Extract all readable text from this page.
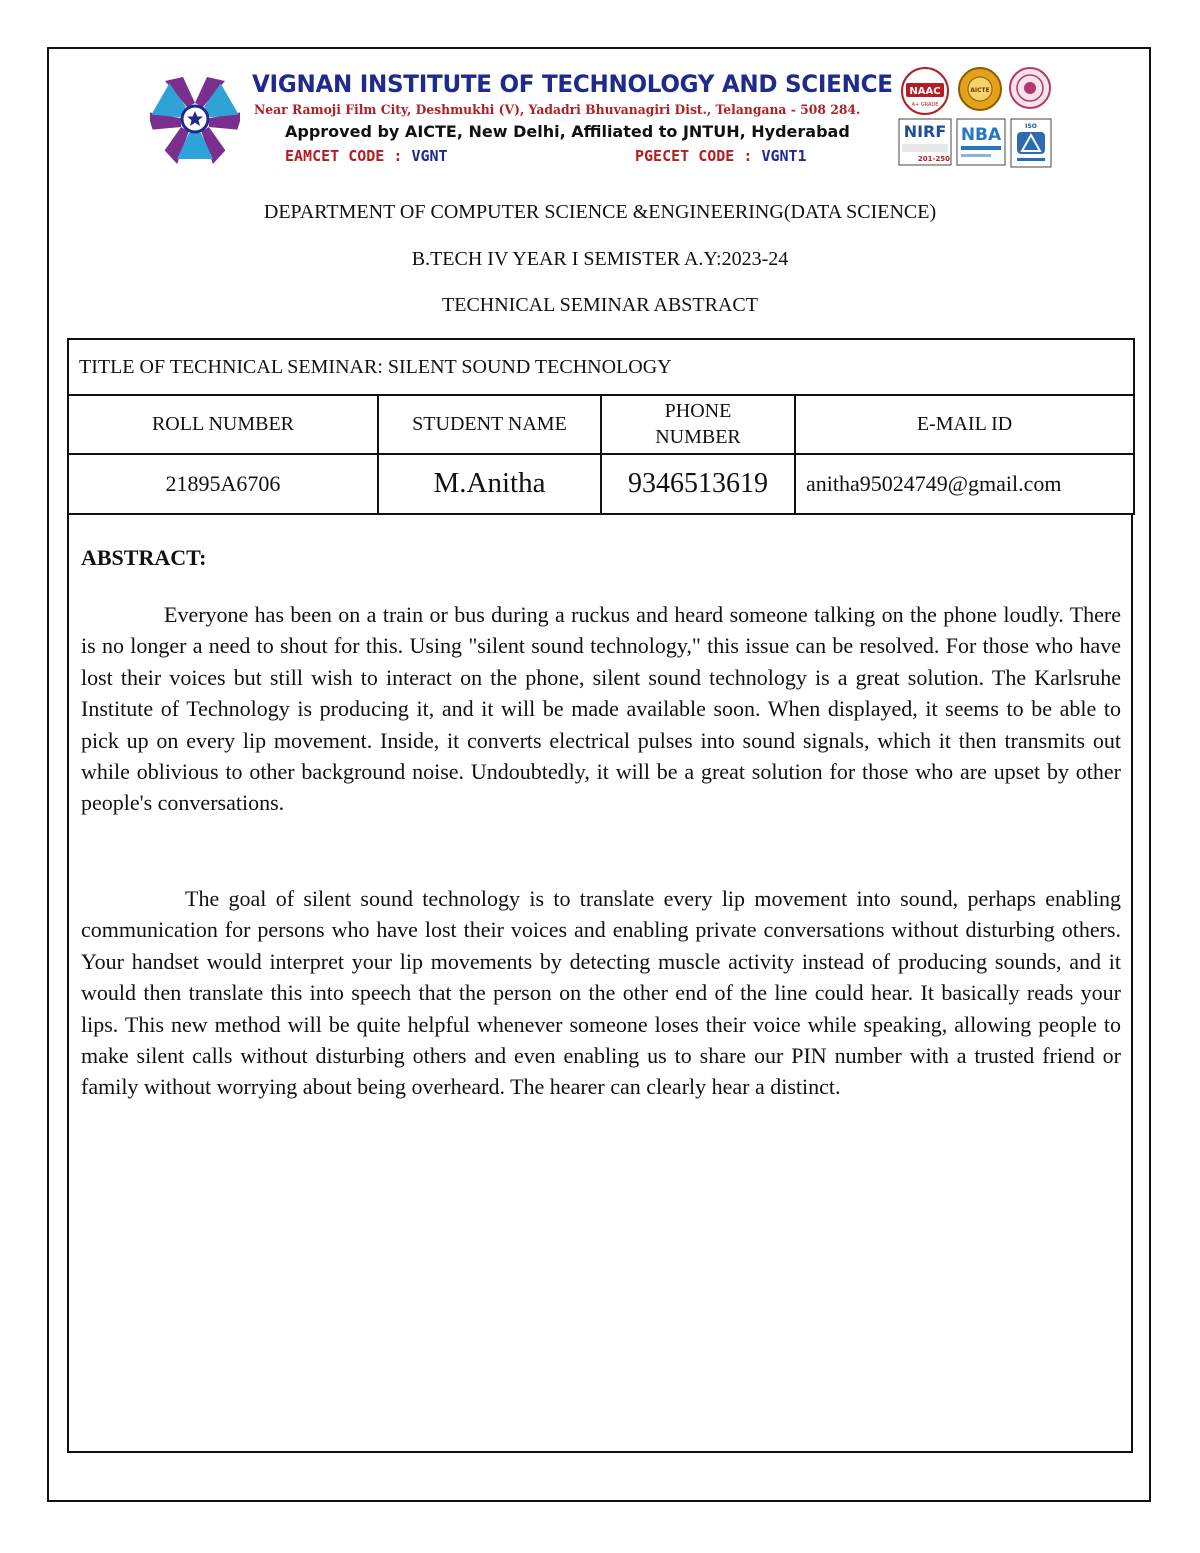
VIGNAN INSTITUTE OF TECHNOLOGY AND SCIENCE
Near Ramoji Film City, Deshmukhi (V), Yadadri Bhuvanagiri Dist., Telangana - 508 284.
Approved by AICTE, New Delhi, Affiliated to JNTUH, Hyderabad
EAMCET CODE : VGNT	PGECET CODE : VGNT1
NAAC
A+ GRADE
AICTE
NIRF
201-250
NBA	ISO
DEPARTMENT OF COMPUTER SCIENCE &ENGINEERING(DATA SCIENCE)
B.TECH IV YEAR I SEMISTER A.Y:2023-24
TECHNICAL SEMINAR ABSTRACT
TITLE OF TECHNICAL SEMINAR: SILENT SOUND TECHNOLOGY			
ROLL NUMBER	STUDENT NAME	PHONE NUMBER	E-MAIL ID
21895A6706	M.Anitha	9346513619	anitha95024749@gmail.com
ABSTRACT:

Everyone has been on a train or bus during a ruckus and heard someone talking on the phone loudly. There is no longer a need to shout for this. Using "silent sound technology," this issue can be resolved. For those who have lost their voices but still wish to interact on the phone, silent sound technology is a great solution. The Karlsruhe Institute of Technology is producing it, and it will be made available soon. When displayed, it seems to be able to pick up on every lip movement. Inside, it converts electrical pulses into sound signals, which it then transmits out while oblivious to other background noise. Undoubtedly, it will be a great solution for those who are upset by other people's conversations.

The goal of silent sound technology is to translate every lip movement into sound, perhaps enabling communication for persons who have lost their voices and enabling private conversations without disturbing others. Your handset would interpret your lip movements by detecting muscle activity instead of producing sounds, and it would then translate this into speech that the person on the other end of the line could hear. It basically reads your lips. This new method will be quite helpful whenever someone loses their voice while speaking, allowing people to make silent calls without disturbing others and even enabling us to share our PIN number with a trusted friend or family without worrying about being overheard. The hearer can clearly hear a distinct.
